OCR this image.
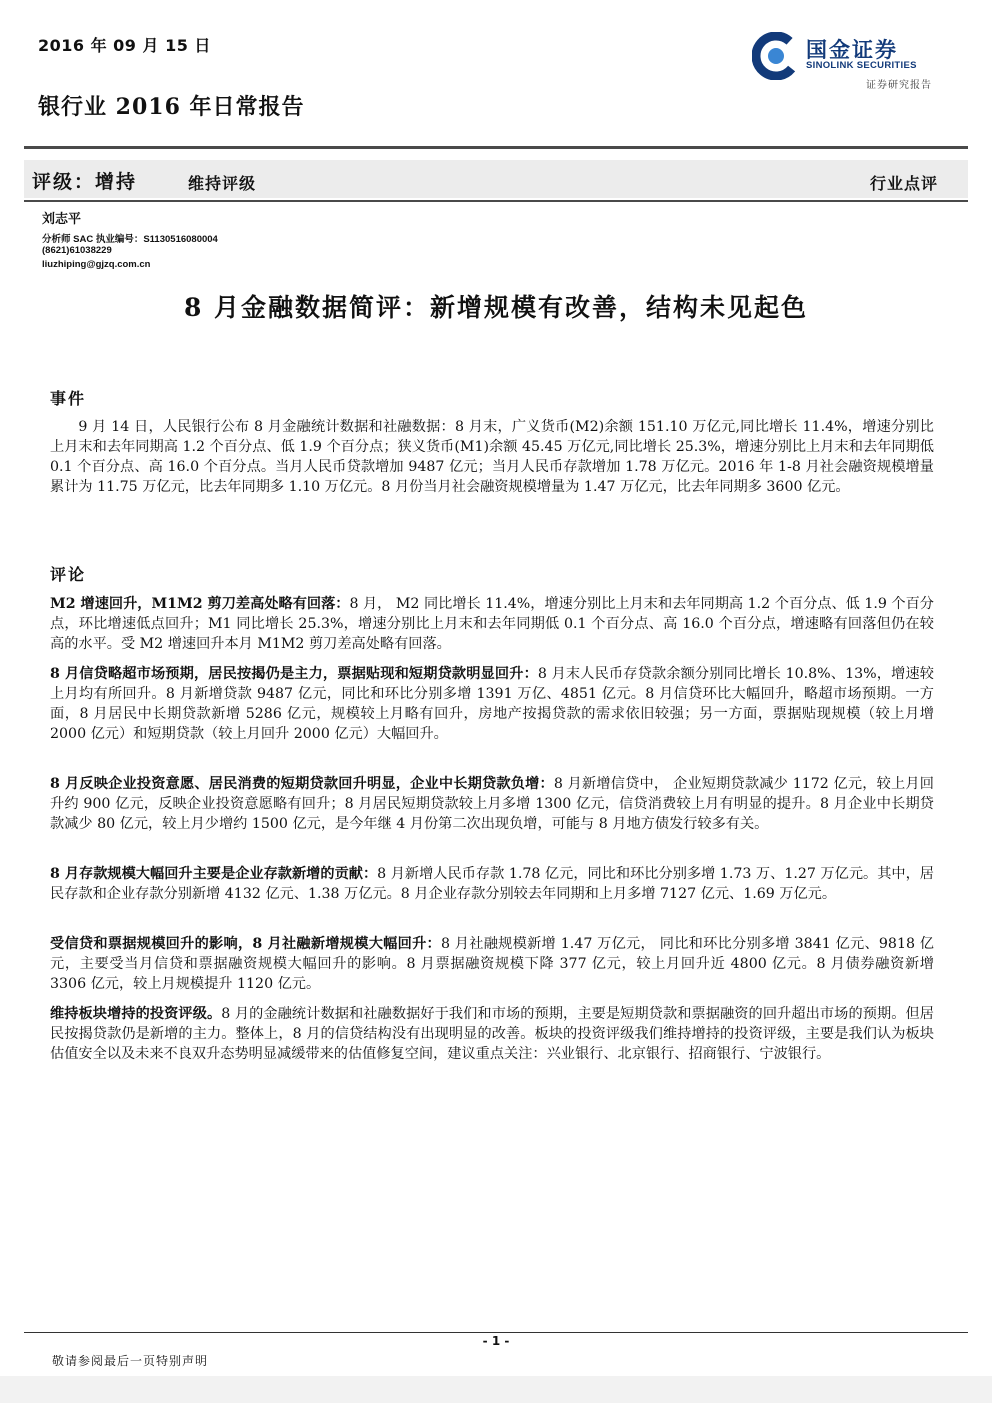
2016 年 09 月 15 日
银行业 2016 年日常报告
国金证券
SINOLINK SECURITIES
证券研究报告
评级：增持	维持评级	行业点评
刘志平
分析师 SAC 执业编号：S1130516080004
(8621)61038229
liuzhiping@gjzq.com.cn
8 月金融数据简评：新增规模有改善，结构未见起色
事件
9 月 14 日，人民银行公布 8 月金融统计数据和社融数据：8 月末，广义货币(M2)余额 151.10 万亿元,同比增长 11.4%，增速分别比上月末和去年同期高 1.2 个百分点、低 1.9 个百分点；狭义货币(M1)余额 45.45 万亿元,同比增长 25.3%，增速分别比上月末和去年同期低 0.1 个百分点、高 16.0 个百分点。当月人民币贷款增加 9487 亿元；当月人民币存款增加 1.78 万亿元。2016 年 1-8 月社会融资规模增量累计为 11.75 万亿元，比去年同期多 1.10 万亿元。8 月份当月社会融资规模增量为 1.47 万亿元，比去年同期多 3600 亿元。
评论
M2 增速回升，M1M2 剪刀差高处略有回落：8 月， M2 同比增长 11.4%，增速分别比上月末和去年同期高 1.2 个百分点、低 1.9 个百分点，环比增速低点回升；M1 同比增长 25.3%，增速分别比上月末和去年同期低 0.1 个百分点、高 16.0 个百分点，增速略有回落但仍在较高的水平。受 M2 增速回升本月 M1M2 剪刀差高处略有回落。
8 月信贷略超市场预期，居民按揭仍是主力，票据贴现和短期贷款明显回升：8 月末人民币存贷款余额分别同比增长 10.8%、13%，增速较上月均有所回升。8 月新增贷款 9487 亿元，同比和环比分别多增 1391 万亿、4851 亿元。8 月信贷环比大幅回升，略超市场预期。一方面，8 月居民中长期贷款新增 5286 亿元，规模较上月略有回升，房地产按揭贷款的需求依旧较强；另一方面，票据贴现规模（较上月增 2000 亿元）和短期贷款（较上月回升 2000 亿元）大幅回升。
8 月反映企业投资意愿、居民消费的短期贷款回升明显，企业中长期贷款负增：8 月新增信贷中， 企业短期贷款减少 1172 亿元，较上月回升约 900 亿元，反映企业投资意愿略有回升；8 月居民短期贷款较上月多增 1300 亿元，信贷消费较上月有明显的提升。8 月企业中长期贷款减少 80 亿元，较上月少增约 1500 亿元，是今年继 4 月份第二次出现负增，可能与 8 月地方债发行较多有关。
8 月存款规模大幅回升主要是企业存款新增的贡献：8 月新增人民币存款 1.78 亿元，同比和环比分别多增 1.73 万、1.27 万亿元。其中，居民存款和企业存款分别新增 4132 亿元、1.38 万亿元。8 月企业存款分别较去年同期和上月多增 7127 亿元、1.69 万亿元。
受信贷和票据规模回升的影响，8 月社融新增规模大幅回升：8 月社融规模新增 1.47 万亿元， 同比和环比分别多增 3841 亿元、9818 亿元，主要受当月信贷和票据融资规模大幅回升的影响。8 月票据融资规模下降 377 亿元，较上月回升近 4800 亿元。8 月债券融资新增 3306 亿元，较上月规模提升 1120 亿元。
维持板块增持的投资评级。8 月的金融统计数据和社融数据好于我们和市场的预期，主要是短期贷款和票据融资的回升超出市场的预期。但居民按揭贷款仍是新增的主力。整体上，8 月的信贷结构没有出现明显的改善。板块的投资评级我们维持增持的投资评级，主要是我们认为板块估值安全以及未来不良双升态势明显减缓带来的估值修复空间，建议重点关注：兴业银行、北京银行、招商银行、宁波银行。
- 1 -
敬请参阅最后一页特别声明
